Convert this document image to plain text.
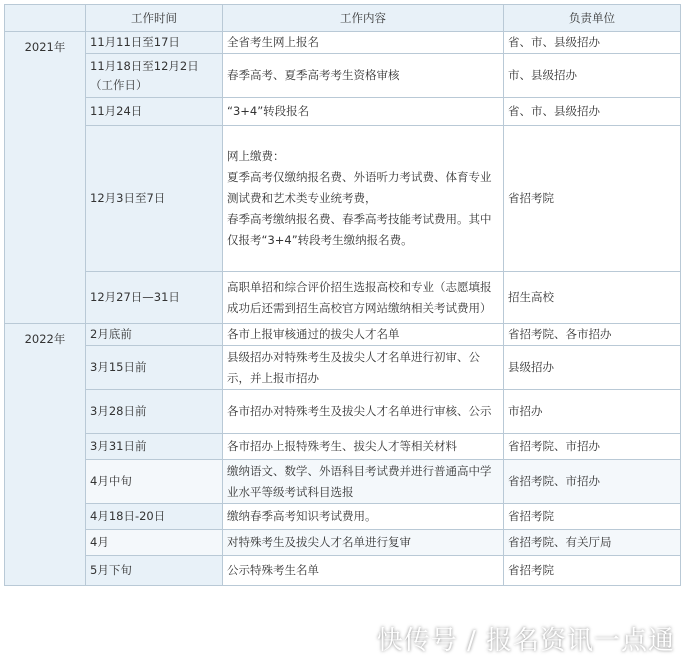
	工作时间	工作内容	负责单位
2021年	11月11日至17日	全省考生网上报名	省、市、县级招办
	11月18日至12月2日（工作日）	春季高考、夏季高考考生资格审核	市、县级招办
	11月24日	“3+4”转段报名	省、市、县级招办
	12月3日至7日	网上缴费：
夏季高考仅缴纳报名费、外语听力考试费、体育专业测试费和艺术类专业统考费，
春季高考缴纳报名费、春季高考技能考试费用。其中仅报考“3+4”转段考生缴纳报名费。	省招考院
	12月27日—31日	高职单招和综合评价招生选报高校和专业（志愿填报成功后还需到招生高校官方网站缴纳相关考试费用）	招生高校
2022年	2月底前	各市上报审核通过的拔尖人才名单	省招考院、各市招办
	3月15日前	县级招办对特殊考生及拔尖人才名单进行初审、公示，并上报市招办	县级招办
	3月28日前	各市招办对特殊考生及拔尖人才名单进行审核、公示	市招办
	3月31日前	各市招办上报特殊考生、拔尖人才等相关材料	省招考院、市招办
	4月中旬	缴纳语文、数学、外语科目考试费并进行普通高中学业水平等级考试科目选报	省招考院、市招办
	4月18日-20日	缴纳春季高考知识考试费用。	省招考院
	4月	对特殊考生及拔尖人才名单进行复审	省招考院、有关厅局
	5月下旬	公示特殊考生名单	省招考院
快传号 / 报名资讯一点通
